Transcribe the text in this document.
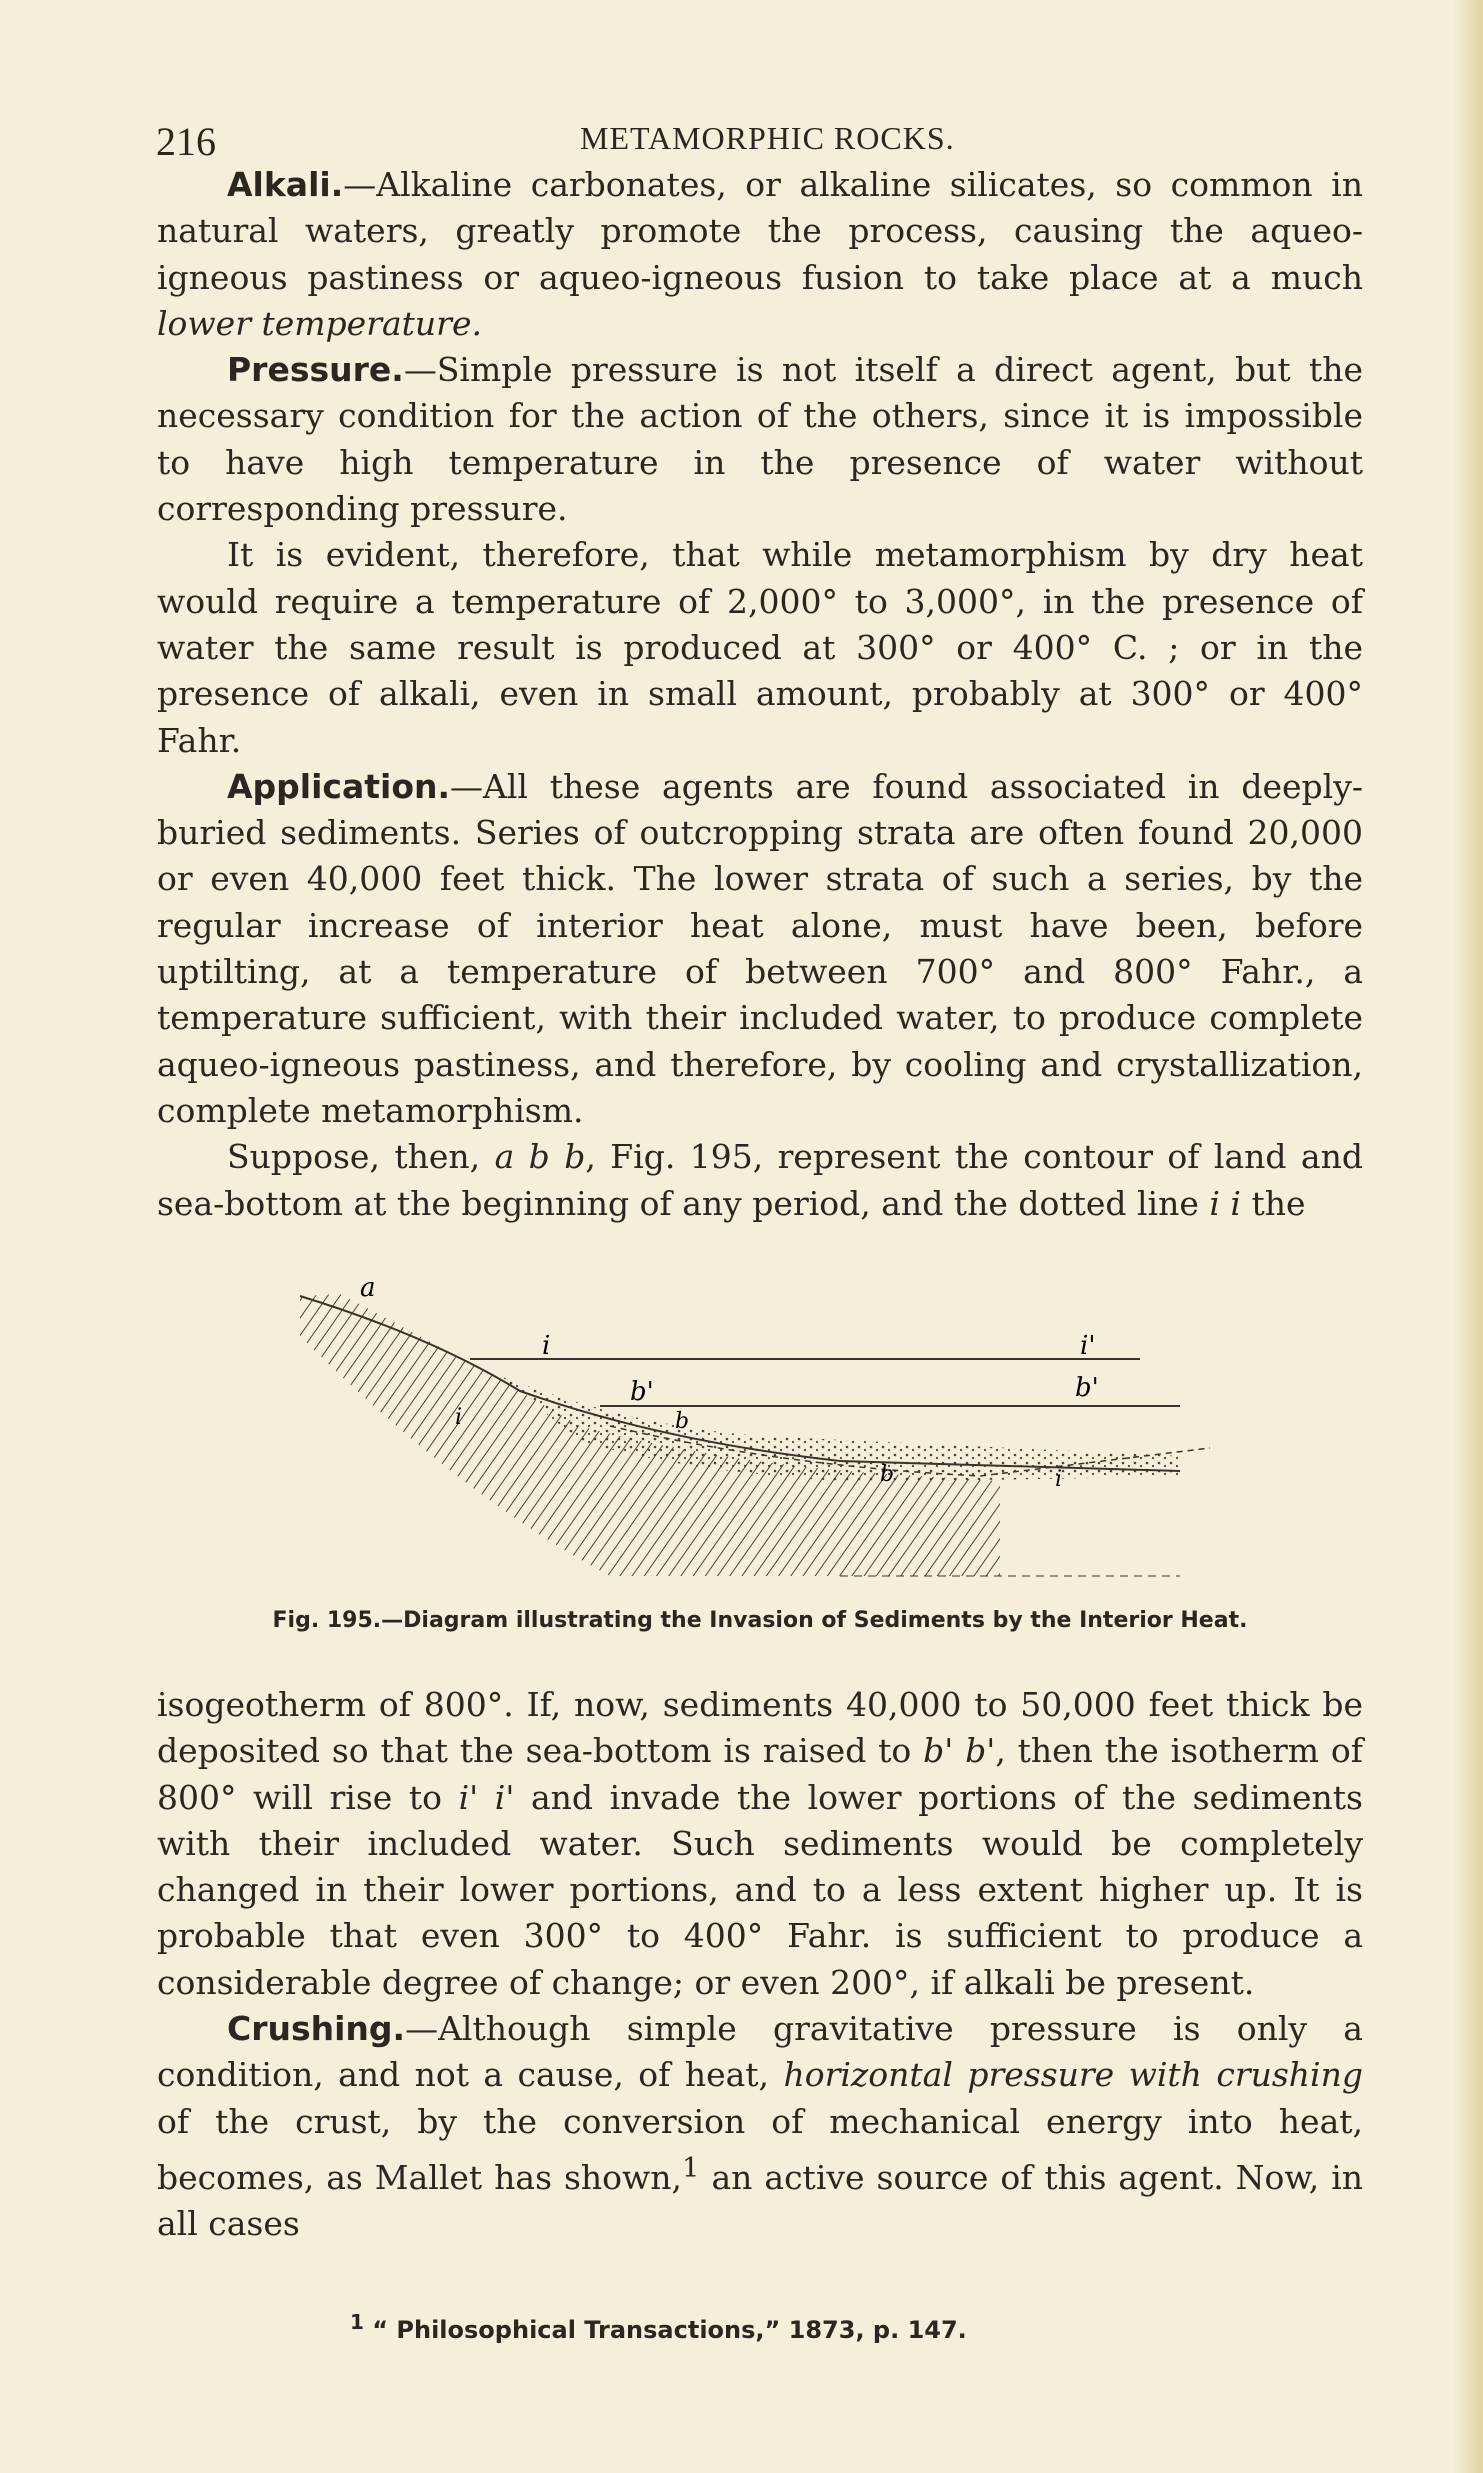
216	METAMORPHIC ROCKS.

Alkali.—Alkaline carbonates, or alkaline silicates, so common in natural waters, greatly promote the process, causing the aqueo-igneous pastiness or aqueo-igneous fusion to take place at a much lower temperature.

Pressure.—Simple pressure is not itself a direct agent, but the necessary condition for the action of the others, since it is impossible to have high temperature in the presence of water without corresponding pressure.

It is evident, therefore, that while metamorphism by dry heat would require a temperature of 2,000° to 3,000°, in the presence of water the same result is produced at 300° or 400° C. ; or in the presence of alkali, even in small amount, probably at 300° or 400° Fahr.

Application.—All these agents are found associated in deeply-buried sediments. Series of outcropping strata are often found 20,000 or even 40,000 feet thick. The lower strata of such a series, by the regular increase of interior heat alone, must have been, before uptilting, at a temperature of between 700° and 800° Fahr., a temperature sufficient, with their included water, to produce complete aqueo-igneous pastiness, and therefore, by cooling and crystallization, complete metamorphism.

Suppose, then, a b b, Fig. 195, represent the contour of land and sea-bottom at the beginning of any period, and the dotted line i i the

a
i	i'
b'	b'
b
i
b	i
Fig. 195.—Diagram illustrating the Invasion of Sediments by the Interior Heat.

isogeotherm of 800°. If, now, sediments 40,000 to 50,000 feet thick be deposited so that the sea-bottom is raised to b' b', then the isotherm of 800° will rise to i' i' and invade the lower portions of the sediments with their included water. Such sediments would be completely changed in their lower portions, and to a less extent higher up. It is probable that even 300° to 400° Fahr. is sufficient to produce a considerable degree of change; or even 200°, if alkali be present.

Crushing.—Although simple gravitative pressure is only a condition, and not a cause, of heat, horizontal pressure with crushing of the crust, by the conversion of mechanical energy into heat, becomes, as Mallet has shown,$^1$ an active source of this agent. Now, in all cases

$^1$ “ Philosophical Transactions,” 1873, p. 147.
